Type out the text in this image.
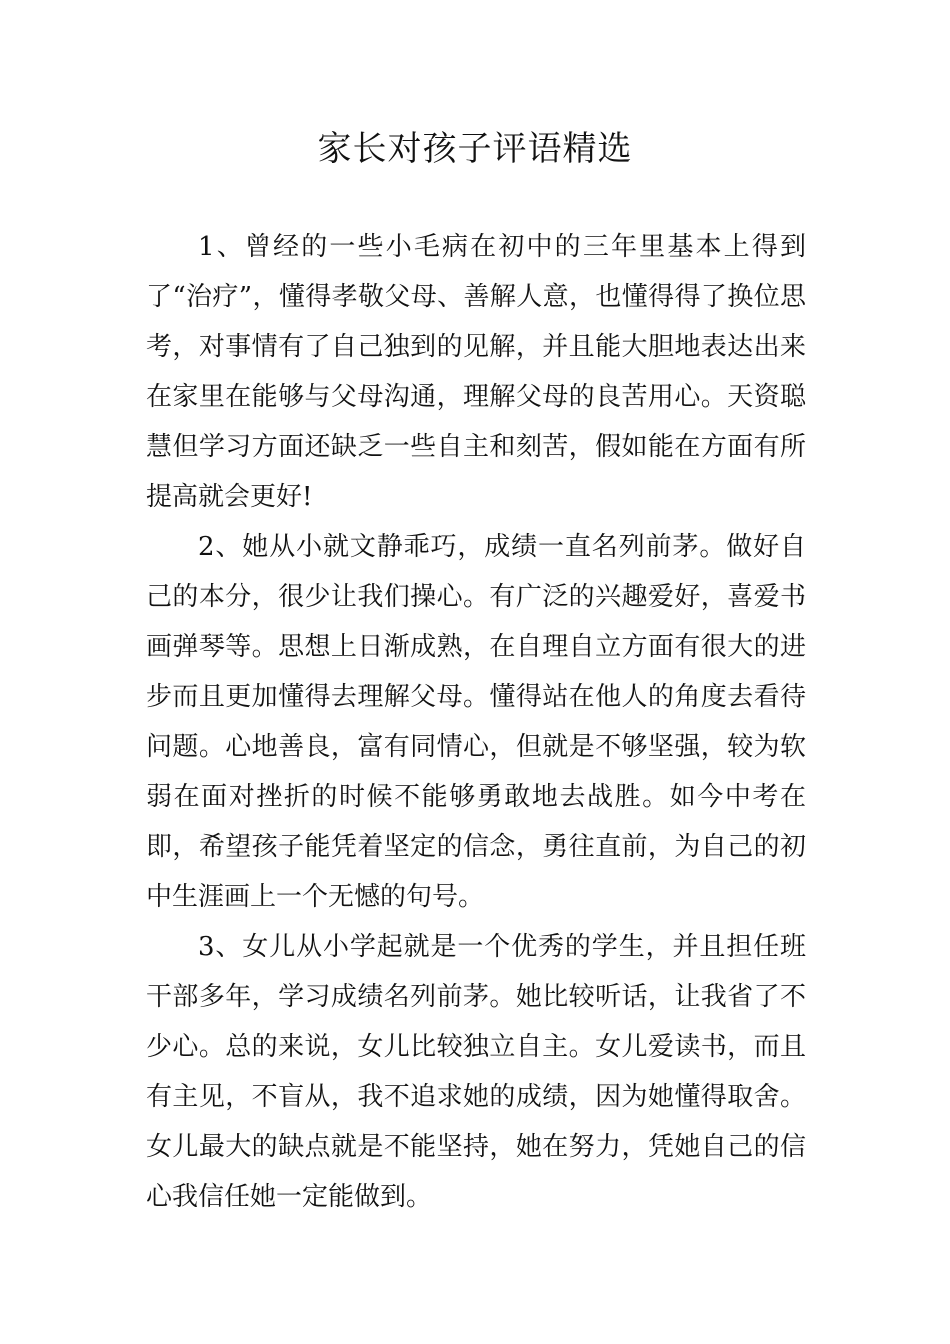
家长对孩子评语精选

1、曾经的一些小毛病在初中的三年里基本上得到了“治疗”，懂得孝敬父母、善解人意，也懂得得了换位思考，对事情有了自己独到的见解，并且能大胆地表达出来在家里在能够与父母沟通，理解父母的良苦用心。天资聪慧但学习方面还缺乏一些自主和刻苦，假如能在方面有所提高就会更好!

2、她从小就文静乖巧，成绩一直名列前茅。做好自己的本分，很少让我们操心。有广泛的兴趣爱好，喜爱书画弹琴等。思想上日渐成熟，在自理自立方面有很大的进步而且更加懂得去理解父母。懂得站在他人的角度去看待问题。心地善良，富有同情心，但就是不够坚强，较为软弱在面对挫折的时候不能够勇敢地去战胜。如今中考在即，希望孩子能凭着坚定的信念，勇往直前，为自己的初中生涯画上一个无憾的句号。

3、女儿从小学起就是一个优秀的学生，并且担任班干部多年，学习成绩名列前茅。她比较听话，让我省了不少心。总的来说，女儿比较独立自主。女儿爱读书，而且有主见，不盲从，我不追求她的成绩，因为她懂得取舍。女儿最大的缺点就是不能坚持，她在努力，凭她自己的信心我信任她一定能做到。
